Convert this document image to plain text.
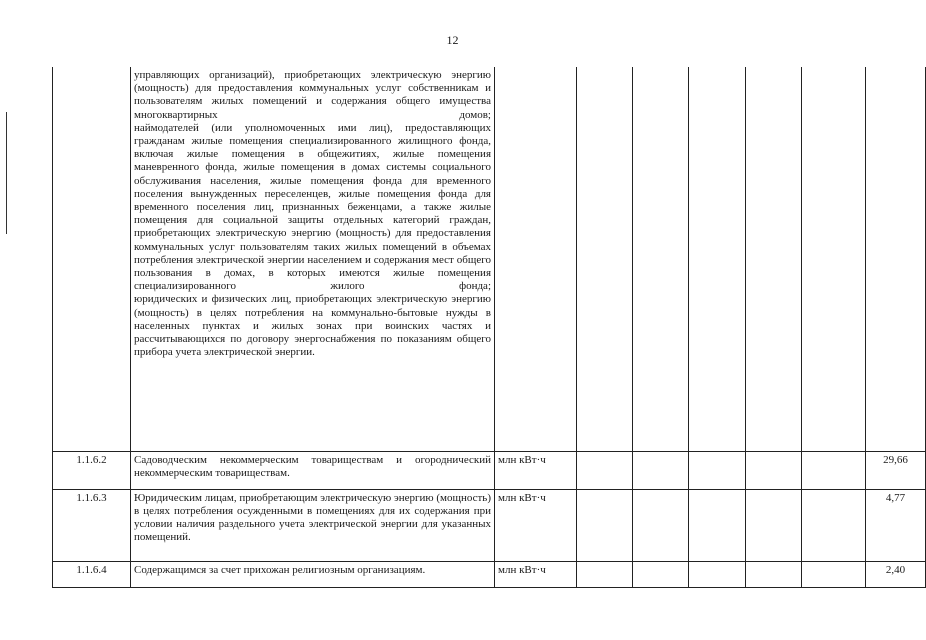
12

	управляющих организаций), приобретающих электрическую энергию (мощность) для предоставления коммунальных услуг собственникам и пользователям жилых помещений и содержания общего имущества многоквартирных домов;
наймодателей (или уполномоченных ими лиц), предоставляющих гражданам жилые помещения специализированного жилищного фонда, включая жилые помещения в общежитиях, жилые помещения маневренного фонда, жилые помещения в домах системы социального обслуживания населения, жилые помещения фонда для временного поселения вынужденных переселенцев, жилые помещения фонда для временного поселения лиц, признанных беженцами, а также жилые помещения для социальной защиты отдельных категорий граждан, приобретающих электрическую энергию (мощность) для предоставления коммунальных услуг пользователям таких жилых помещений в объемах потребления электрической энергии населением и содержания мест общего пользования в домах, в которых имеются жилые помещения специализированного жилого фонда;
юридических и физических лиц, приобретающих электрическую энергию (мощность) в целях потребления на коммунально-бытовые нужды в населенных пунктах и жилых зонах при воинских частях и рассчитывающихся по договору энергоснабжения по показаниям общего прибора учета электрической энергии.							

1.1.6.2	Садоводческим некоммерческим товариществам и огороднический некоммерческим товариществам.	млн кВт·ч						29,66
1.1.6.3	Юридическим лицам, приобретающим электрическую энергию (мощность) в целях потребления осужденными в помещениях для их содержания при условии наличия раздельного учета электрической энергии для указанных помещений.	млн кВт·ч						4,77
1.1.6.4	Содержащимся за счет прихожан религиозным организациям.	млн кВт·ч						2,40
